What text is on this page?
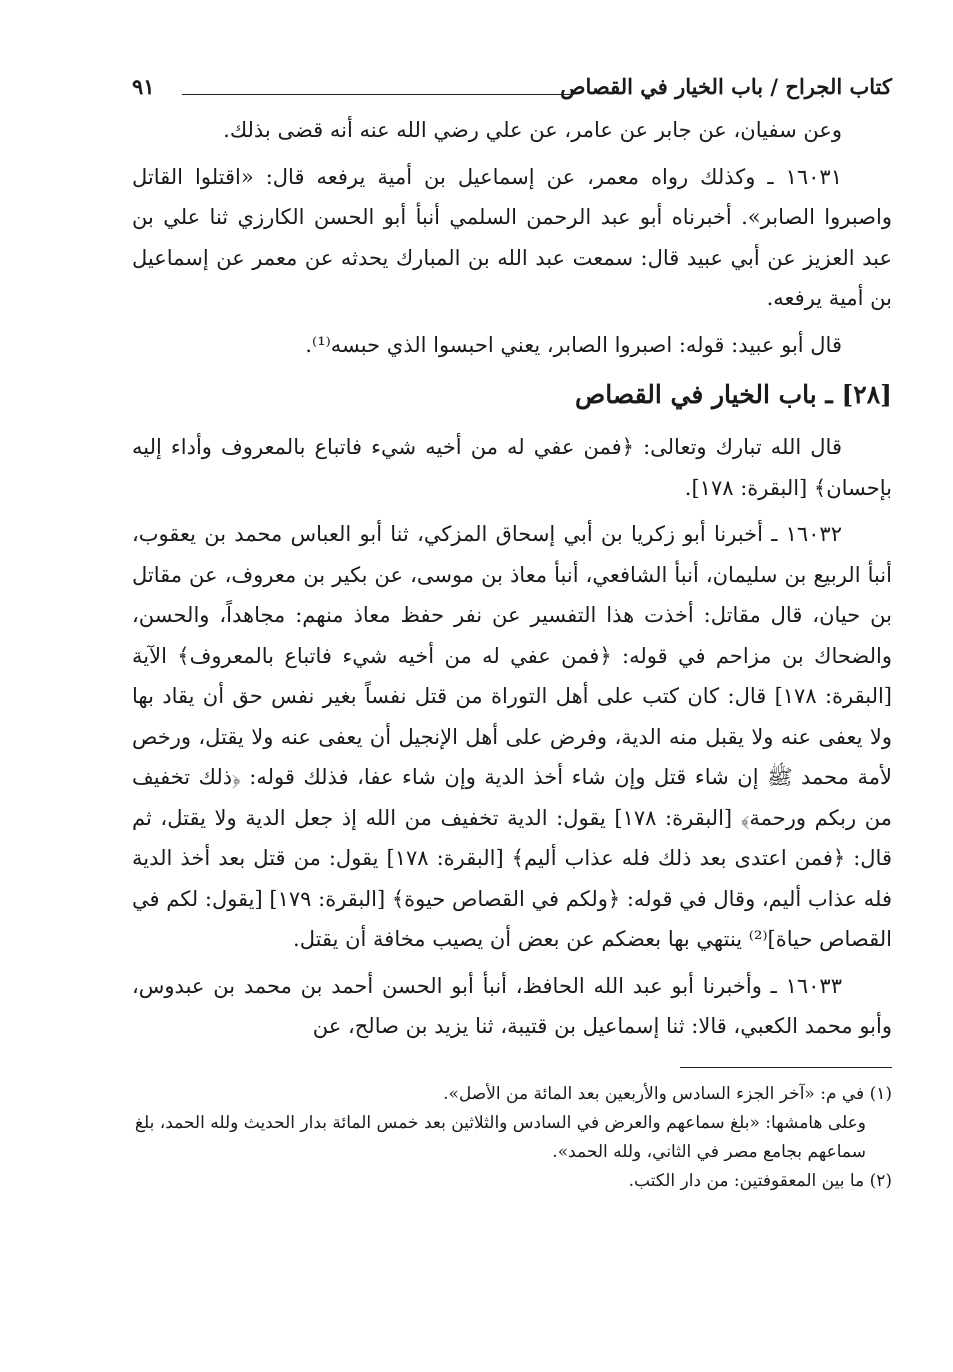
كتاب الجراح / باب الخيار في القصاص
٩١

وعن سفيان، عن جابر عن عامر، عن علي رضي الله عنه أنه قضى بذلك.

١٦٠٣١ ـ وكذلك رواه معمر، عن إسماعيل بن أمية يرفعه قال: «اقتلوا القاتل واصبروا الصابر». أخبرناه أبو عبد الرحمن السلمي أنبأ أبو الحسن الكارزي ثنا علي بن عبد العزيز عن أبي عبيد قال: سمعت عبد الله بن المبارك يحدثه عن معمر عن إسماعيل بن أمية يرفعه.

قال أبو عبيد: قوله: اصبروا الصابر، يعني احبسوا الذي حبسه⁽¹⁾.

[٢٨] ـ باب الخيار في القصاص

قال الله تبارك وتعالى: ﴿فمن عفي له من أخيه شيء فاتباع بالمعروف وأداء إليه بإحسان﴾ [البقرة: ١٧٨].

١٦٠٣٢ ـ أخبرنا أبو زكريا بن أبي إسحاق المزكي، ثنا أبو العباس محمد بن يعقوب، أنبأ الربيع بن سليمان، أنبأ الشافعي، أنبأ معاذ بن موسى، عن بكير بن معروف، عن مقاتل بن حيان، قال مقاتل: أخذت هذا التفسير عن نفر حفظ معاذ منهم: مجاهداً، والحسن، والضحاك بن مزاحم في قوله: ﴿فمن عفي له من أخيه شيء فاتباع بالمعروف﴾ الآية [البقرة: ١٧٨] قال: كان كتب على أهل التوراة من قتل نفساً بغير نفس حق أن يقاد بها ولا يعفى عنه ولا يقبل منه الدية، وفرض على أهل الإنجيل أن يعفى عنه ولا يقتل، ورخص لأمة محمد ﷺ إن شاء قتل وإن شاء أخذ الدية وإن شاء عفا، فذلك قوله: ﴿ذلك تخفيف من ربكم ورحمة﴾ [البقرة: ١٧٨] يقول: الدية تخفيف من الله إذ جعل الدية ولا يقتل، ثم قال: ﴿فمن اعتدى بعد ذلك فله عذاب أليم﴾ [البقرة: ١٧٨] يقول: من قتل بعد أخذ الدية فله عذاب أليم، وقال في قوله: ﴿ولكم في القصاص حيوة﴾ [البقرة: ١٧٩] [يقول: لكم في القصاص حياة]⁽²⁾ ينتهي بها بعضكم عن بعض أن يصيب مخافة أن يقتل.

١٦٠٣٣ ـ وأخبرنا أبو عبد الله الحافظ، أنبأ أبو الحسن أحمد بن محمد بن عبدوس، وأبو محمد الكعبي، قالا: ثنا إسماعيل بن قتيبة، ثنا يزيد بن صالح، عن

(١) في م: «آخر الجزء السادس والأربعين بعد المائة من الأصل».

وعلى هامشها: «بلغ سماعهم والعرض في السادس والثلاثين بعد خمس المائة بدار الحديث ولله الحمد، بلغ سماعهم بجامع مصر في الثاني، ولله الحمد».

(٢) ما بين المعقوفتين: من دار الكتب.
